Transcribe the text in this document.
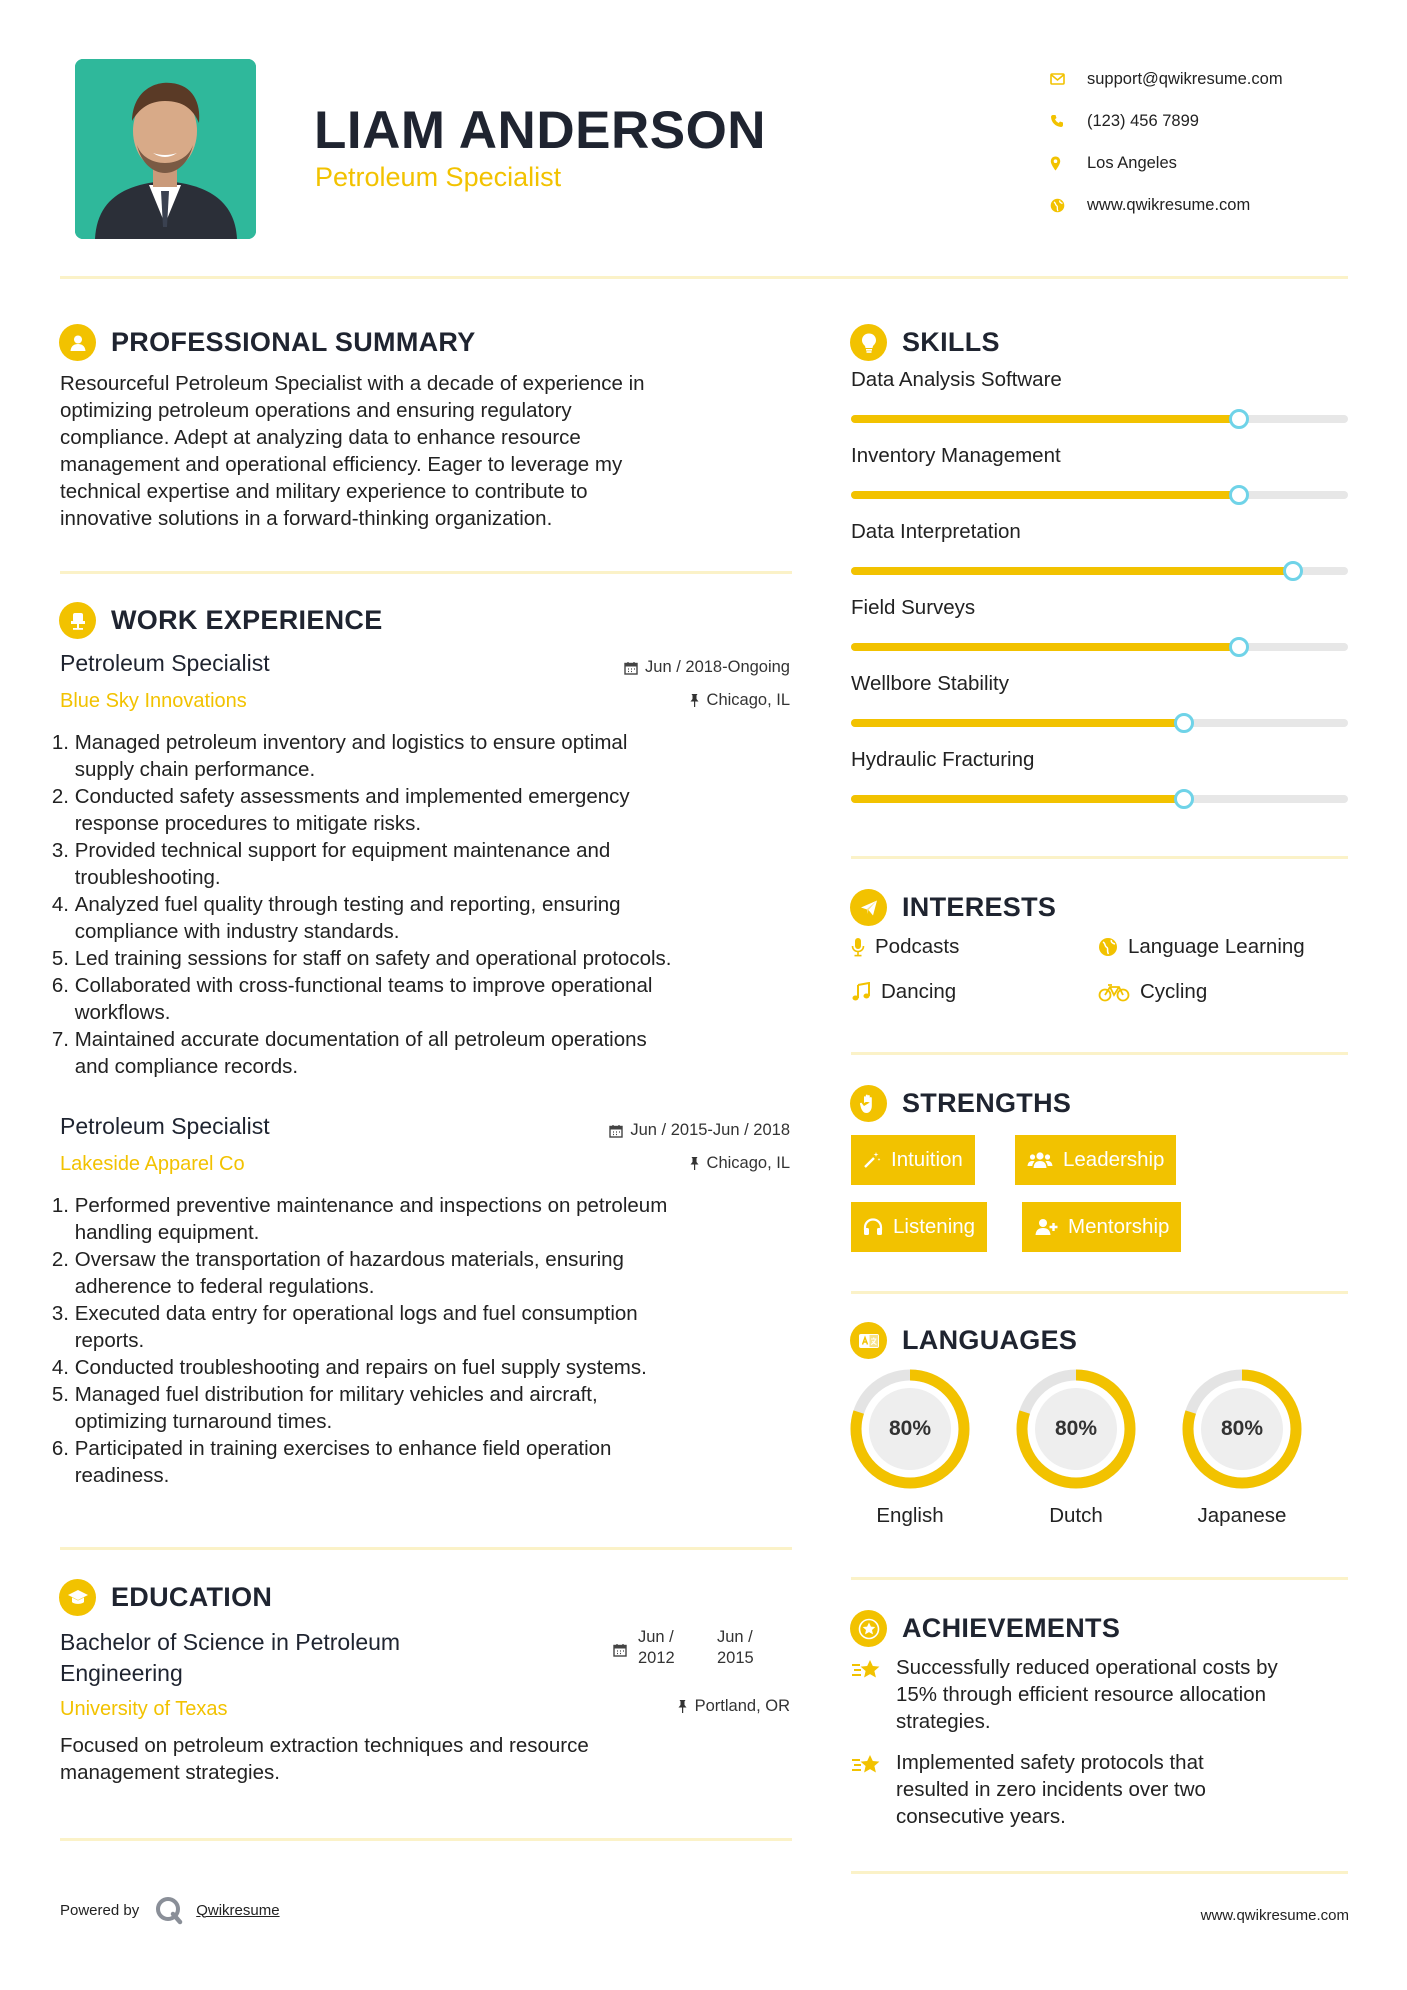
LIAM ANDERSON
Petroleum Specialist
support@qwikresume.com
(123) 456 7899
Los Angeles
www.qwikresume.com
PROFESSIONAL SUMMARY
Resourceful Petroleum Specialist with a decade of experience in
optimizing petroleum operations and ensuring regulatory
compliance. Adept at analyzing data to enhance resource
management and operational efficiency. Eager to leverage my
technical expertise and military experience to contribute to
innovative solutions in a forward-thinking organization.
WORK EXPERIENCE
Petroleum Specialist
Blue Sky Innovations
Jun / 2018-Ongoing
Chicago, IL
1.
Managed petroleum inventory and logistics to ensure optimal
supply chain performance.
2.
Conducted safety assessments and implemented emergency
response procedures to mitigate risks.
3.
Provided technical support for equipment maintenance and
troubleshooting.
4.
Analyzed fuel quality through testing and reporting, ensuring
compliance with industry standards.
5.
Led training sessions for staff on safety and operational protocols.
6.
Collaborated with cross-functional teams to improve operational
workflows.
7.
Maintained accurate documentation of all petroleum operations
and compliance records.
Petroleum Specialist
Lakeside Apparel Co
Jun / 2015-Jun / 2018
Chicago, IL
1.
Performed preventive maintenance and inspections on petroleum
handling equipment.
2.
Oversaw the transportation of hazardous materials, ensuring
adherence to federal regulations.
3.
Executed data entry for operational logs and fuel consumption
reports.
4.
Conducted troubleshooting and repairs on fuel supply systems.
5.
Managed fuel distribution for military vehicles and aircraft,
optimizing turnaround times.
6.
Participated in training exercises to enhance field operation
readiness.
EDUCATION
Bachelor of Science in Petroleum
Engineering
University of Texas
Jun /
2012
Jun /
2015
Portland, OR
Focused on petroleum extraction techniques and resource
management strategies.
SKILLS
Data Analysis Software
Inventory Management
Data Interpretation
Field Surveys
Wellbore Stability
Hydraulic Fracturing
INTERESTS
Podcasts	Language Learning
Dancing	Cycling
STRENGTHS
Intuition	Leadership
Listening	Mentorship
LANGUAGES
80%
English
80%
Dutch
80%
Japanese
ACHIEVEMENTS
Successfully reduced operational costs by
15% through efficient resource allocation
strategies.
Implemented safety protocols that
resulted in zero incidents over two
consecutive years.
Powered by	Qwikresume	www.qwikresume.com
